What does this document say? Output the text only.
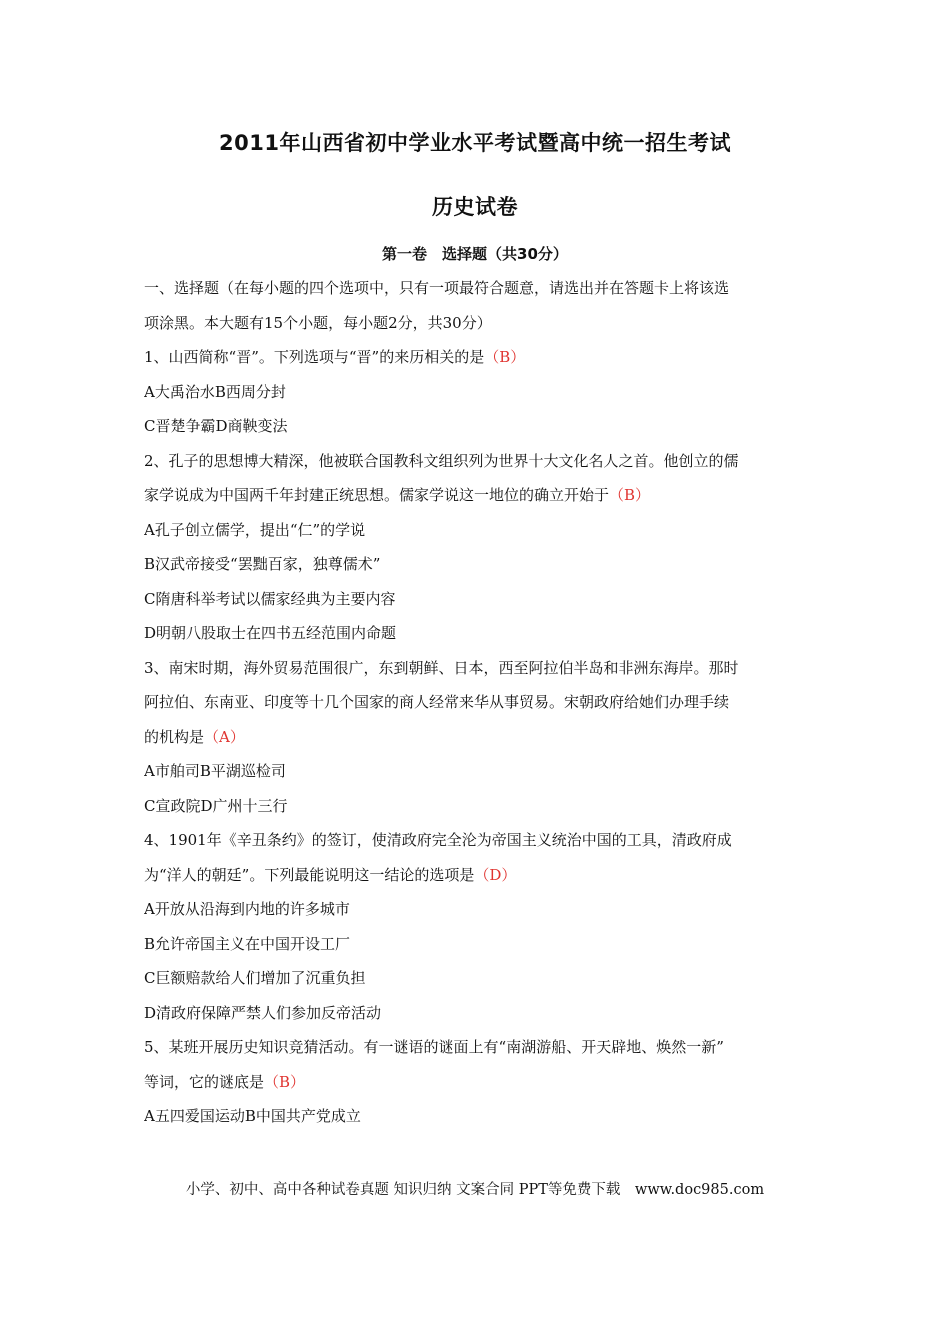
2011年山西省初中学业水平考试暨高中统一招生考试
历史试卷
第一卷　选择题（共30分）
一、选择题（在每小题的四个选项中，只有一项最符合题意，请选出并在答题卡上将该选
项涂黑。本大题有15个小题，每小题2分，共30分）
1、山西简称“晋”。下列选项与“晋”的来历相关的是（B）
A大禹治水B西周分封
C晋楚争霸D商鞅变法
2、孔子的思想博大精深，他被联合国教科文组织列为世界十大文化名人之首。他创立的儒
家学说成为中国两千年封建正统思想。儒家学说这一地位的确立开始于（B）
A孔子创立儒学，提出“仁”的学说
B汉武帝接受“罢黜百家，独尊儒术”
C隋唐科举考试以儒家经典为主要内容
D明朝八股取士在四书五经范围内命题
3、南宋时期，海外贸易范围很广，东到朝鲜、日本，西至阿拉伯半岛和非洲东海岸。那时
阿拉伯、东南亚、印度等十几个国家的商人经常来华从事贸易。宋朝政府给她们办理手续
的机构是（A）
A市舶司B平湖巡检司
C宣政院D广州十三行
4、1901年《辛丑条约》的签订，使清政府完全沦为帝国主义统治中国的工具，清政府成
为“洋人的朝廷”。下列最能说明这一结论的选项是（D）
A开放从沿海到内地的许多城市
B允许帝国主义在中国开设工厂
C巨额赔款给人们增加了沉重负担
D清政府保障严禁人们参加反帝活动
5、某班开展历史知识竞猜活动。有一谜语的谜面上有“南湖游船、开天辟地、焕然一新”
等词，它的谜底是（B）
A五四爱国运动B中国共产党成立
小学、初中、高中各种试卷真题 知识归纳 文案合同 PPT等免费下载　www.doc985.com
